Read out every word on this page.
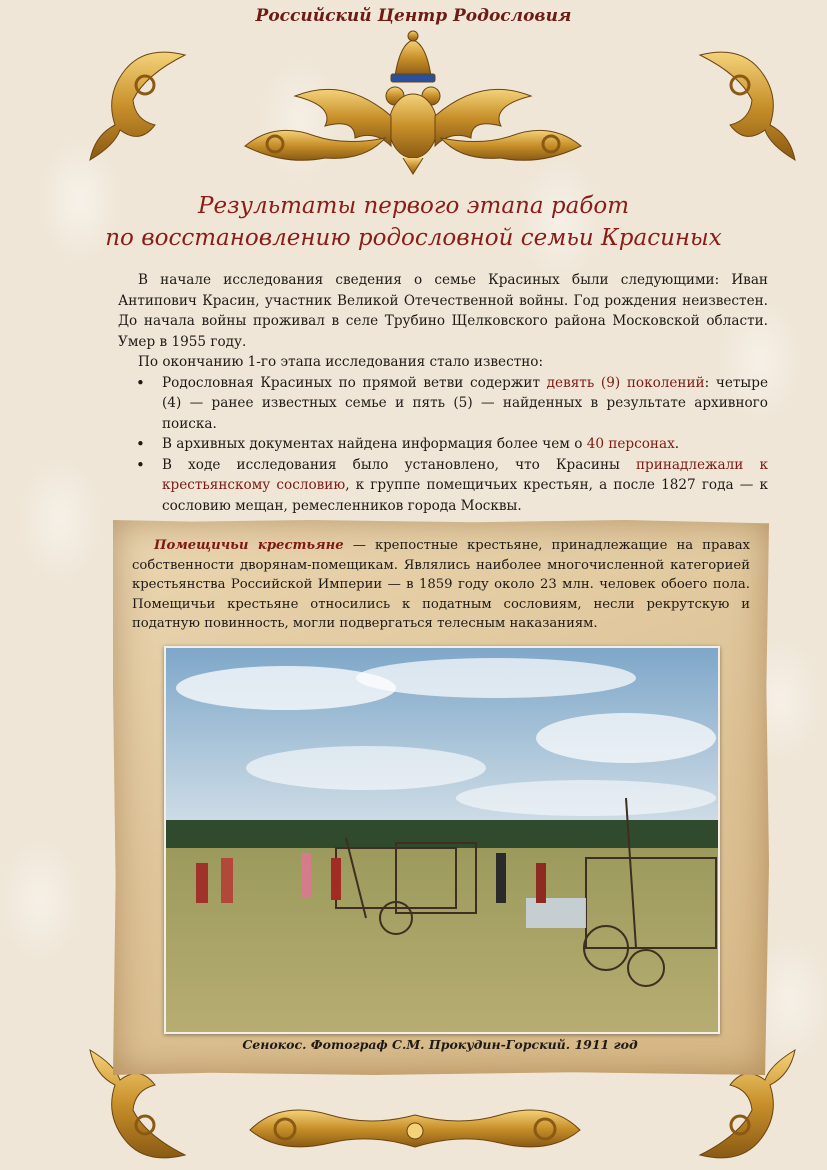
Российский Центр Родословия
Результаты первого этапа работ
по восстановлению родословной семьи Красиных

В начале исследования сведения о семье Красиных были следующими: Иван Антипович Красин, участник Великой Отечественной войны. Год рождения неизвестен. До начала войны проживал в селе Трубино Щелковского района Московской области. Умер в 1955 году.

По окончанию 1-го этапа исследования стало известно:

• Родословная Красиных по прямой ветви содержит девять (9) поколений: четыре (4) — ранее известных семье и пять (5) — найденных в результате архивного поиска.
• В архивных документах найдена информация более чем о 40 персонах.
• В ходе исследования было установлено, что Красины принадлежали к крестьянскому сословию, к группе помещичьих крестьян, а после 1827 года — к сословию мещан, ремесленников города Москвы.

Помещичьи крестьяне — крепостные крестьяне, принадлежащие на правах собственности дворянам-помещикам. Являлись наиболее многочисленной категорией крестьянства Российской Империи — в 1859 году около 23 млн. человек обоего пола. Помещичьи крестьяне относились к податным сословиям, несли рекрутскую и податную повинность, могли подвергаться телесным наказаниям.

Сенокос. Фотограф С.М. Прокудин-Горский. 1911 год
